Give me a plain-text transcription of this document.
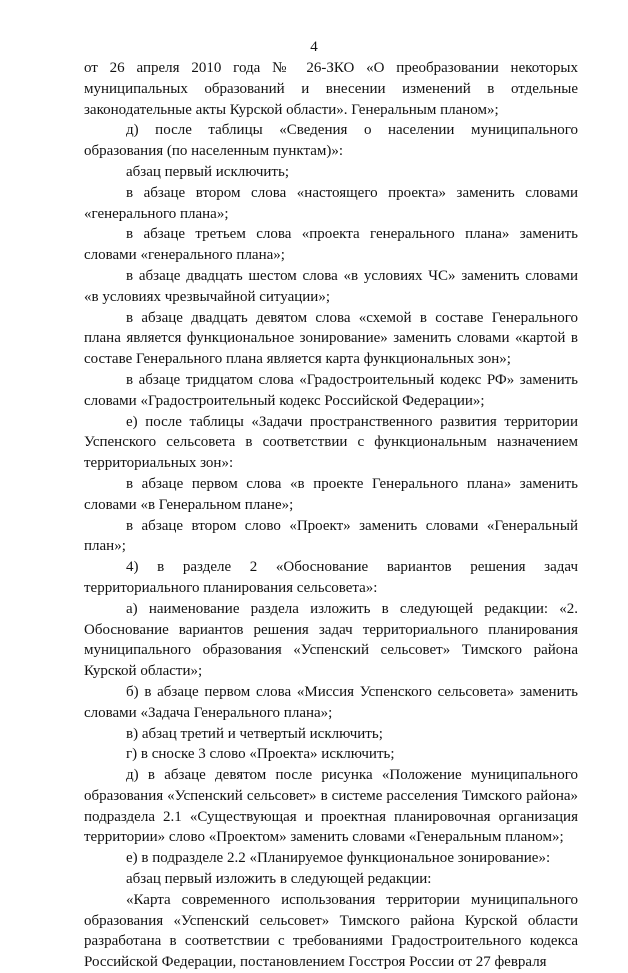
4

от 26 апреля 2010 года № 26-ЗКО «О преобразовании некоторых муниципальных образований и внесении изменений в отдельные законодательные акты Курской области». Генеральным планом»;

д) после таблицы «Сведения о населении муниципального образования (по населенным пунктам)»:

абзац первый исключить;

в абзаце втором слова «настоящего проекта» заменить словами «генерального плана»;

в абзаце третьем слова «проекта генерального плана» заменить словами «генерального плана»;

в абзаце двадцать шестом слова «в условиях ЧС» заменить словами «в условиях чрезвычайной ситуации»;

в абзаце двадцать девятом слова «схемой в составе Генерального плана является функциональное зонирование» заменить словами «картой в составе Генерального плана является карта функциональных зон»;

в абзаце тридцатом слова «Градостроительный кодекс РФ» заменить словами «Градостроительный кодекс Российской Федерации»;

е) после таблицы «Задачи пространственного развития территории Успенского сельсовета в соответствии с функциональным назначением территориальных зон»:

в абзаце первом слова «в проекте Генерального плана» заменить словами «в Генеральном плане»;

в абзаце втором слово «Проект» заменить словами «Генеральный план»;

4) в разделе 2 «Обоснование вариантов решения задач территориального планирования сельсовета»:

а) наименование раздела изложить в следующей редакции: «2. Обоснование вариантов решения задач территориального планирования муниципального образования «Успенский сельсовет» Тимского района Курской области»;

б) в абзаце первом слова «Миссия Успенского сельсовета» заменить словами «Задача Генерального плана»;

в) абзац третий и четвертый исключить;

г) в сноске 3 слово «Проекта» исключить;

д) в абзаце девятом после рисунка «Положение муниципального образования «Успенский сельсовет» в системе расселения Тимского района» подраздела 2.1 «Существующая и проектная планировочная организация территории» слово «Проектом» заменить словами «Генеральным планом»;

е) в подразделе 2.2 «Планируемое функциональное зонирование»:

абзац первый изложить в следующей редакции:

«Карта современного использования территории муниципального образования «Успенский сельсовет» Тимского района Курской области разработана в соответствии с требованиями Градостроительного кодекса Российской Федерации, постановлением Госстроя России от 27 февраля
